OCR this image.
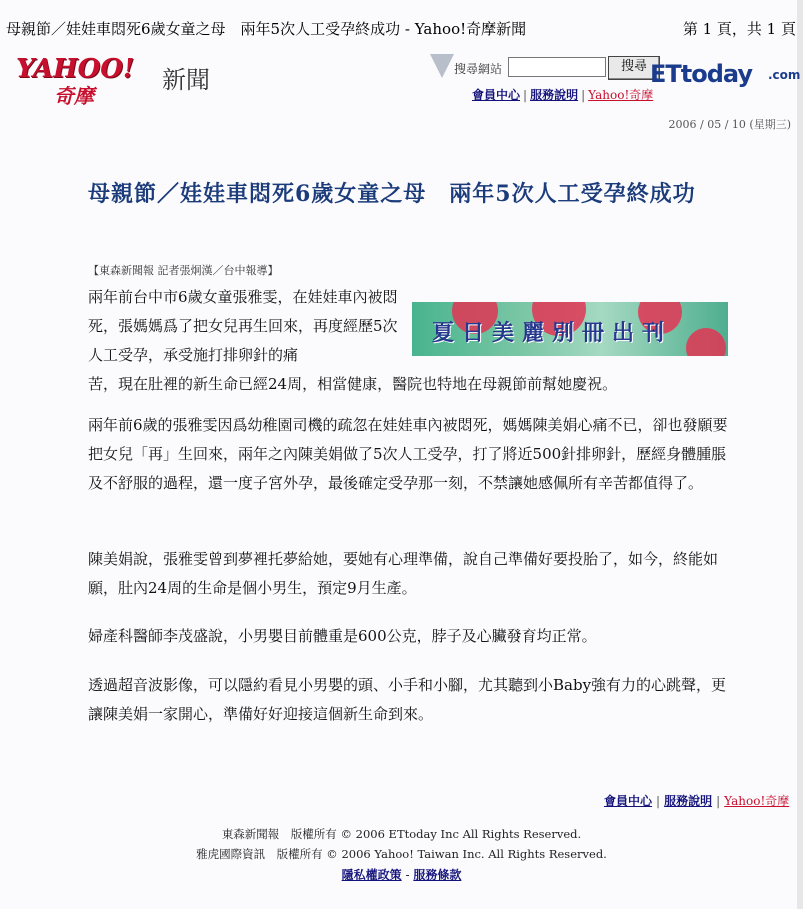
母親節／娃娃車悶死6歲女童之母　兩年5次人工受孕終成功 - Yahoo!奇摩新聞	第 1 頁，共 1 頁
YAHOO!
奇摩
新聞	搜尋網站	搜尋 ETtoday .com
會員中心 | 服務說明 | Yahoo!奇摩
2006 / 05 / 10 (星期三)
母親節／娃娃車悶死6歲女童之母　兩年5次人工受孕終成功
【東森新聞報 記者張炯漢／台中報導】
夏日美麗別冊出刊
兩年前台中市6歲女童張雅雯，在娃娃車內被悶死，張媽媽爲了把女兒再生回來，再度經歷5次人工受孕，承受施打排卵針的痛
苦，現在肚裡的新生命已經24周，相當健康，醫院也特地在母親節前幫她慶祝。
兩年前6歲的張雅雯因爲幼稚園司機的疏忽在娃娃車內被悶死，媽媽陳美娟心痛不已，卻也發願要把女兒「再」生回來，兩年之內陳美娟做了5次人工受孕，打了將近500針排卵針，歷經身體腫脹及不舒服的過程，還一度子宮外孕，最後確定受孕那一刻，不禁讓她感佩所有辛苦都值得了。
陳美娟說，張雅雯曾到夢裡托夢給她，要她有心理準備，說自己準備好要投胎了，如今，終能如願，肚內24周的生命是個小男生，預定9月生產。
婦產科醫師李茂盛說，小男嬰目前體重是600公克，脖子及心臟發育均正常。
透過超音波影像，可以隱約看見小男嬰的頭、小手和小腳，尤其聽到小Baby強有力的心跳聲，更讓陳美娟一家開心，準備好好迎接這個新生命到來。
會員中心 | 服務說明 | Yahoo!奇摩
東森新聞報　版權所有 © 2006 ETtoday Inc All Rights Reserved.
雅虎國際資訊　版權所有 © 2006 Yahoo! Taiwan Inc. All Rights Reserved.
隱私權政策 - 服務條款
